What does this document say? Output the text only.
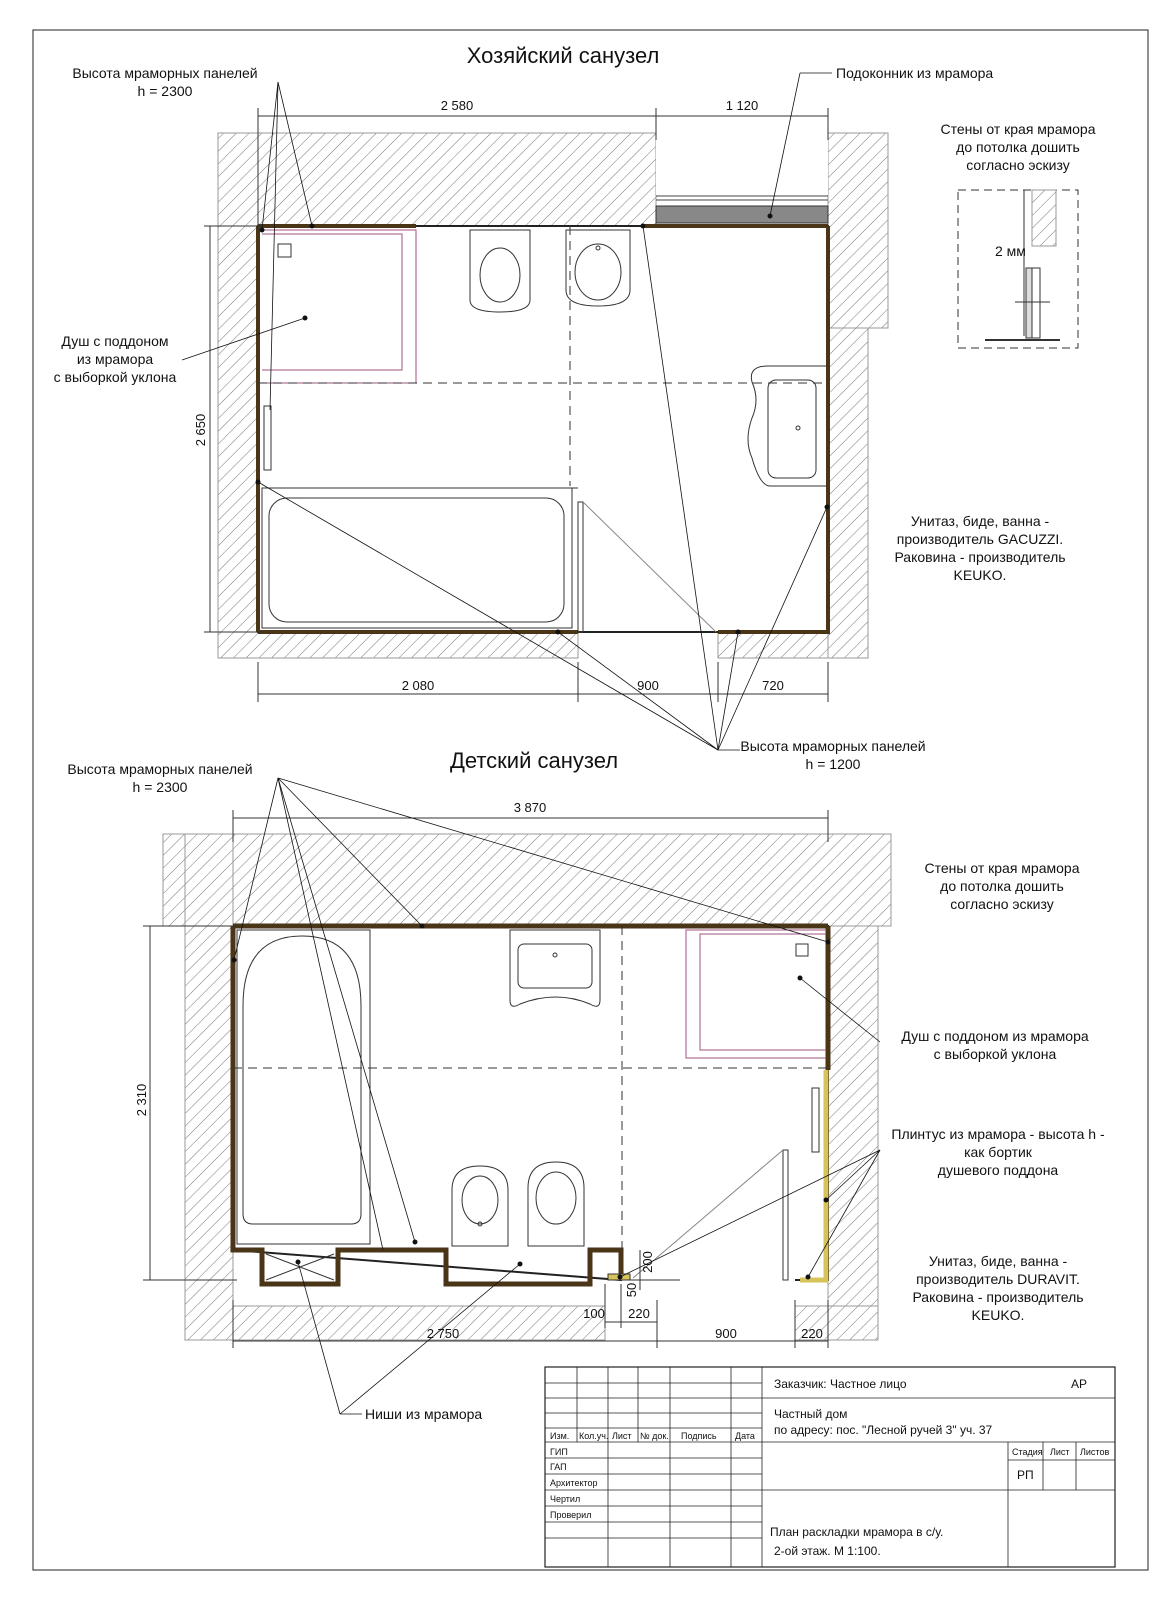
Хозяйский санузел
2 580	1 120
2 650
2 080	900	720
Высота мраморных панелей
h = 2300
Подоконник из мрамора
Душ с поддоном
из мрамора
с выборкой уклона
Стены от края мрамора
до потолка дошить
согласно эскизу
Унитаз, биде, ванна -
производитель GACUZZI.
Раковина - производитель
KEUKO.
Высота мраморных панелей
h = 1200
2 мм
Детский санузел
3 870
2 310
2 750	900	220
100 220
50
200
Высота мраморных панелей
h = 2300
Стены от края мрамора
до потолка дошить
согласно эскизу
Душ с поддоном из мрамора
с выборкой уклона
Плинтус из мрамора - высота h -
как бортик
душевого поддона
Унитаз, биде, ванна -
производитель DURAVIT.
Раковина - производитель
KEUKO.
Ниши из мрамора
Изм. Кол.уч. Лист № док. Подпись Дата
ГИП
ГАП
Архитектор
Чертил
Проверил
Заказчик: Частное лицо	АР
Частный дом
по адресу: пос. "Лесной ручей 3" уч. 37
Стадия Лист Листов
РП
План раскладки мрамора в с/у.
2-ой этаж. М 1:100.
